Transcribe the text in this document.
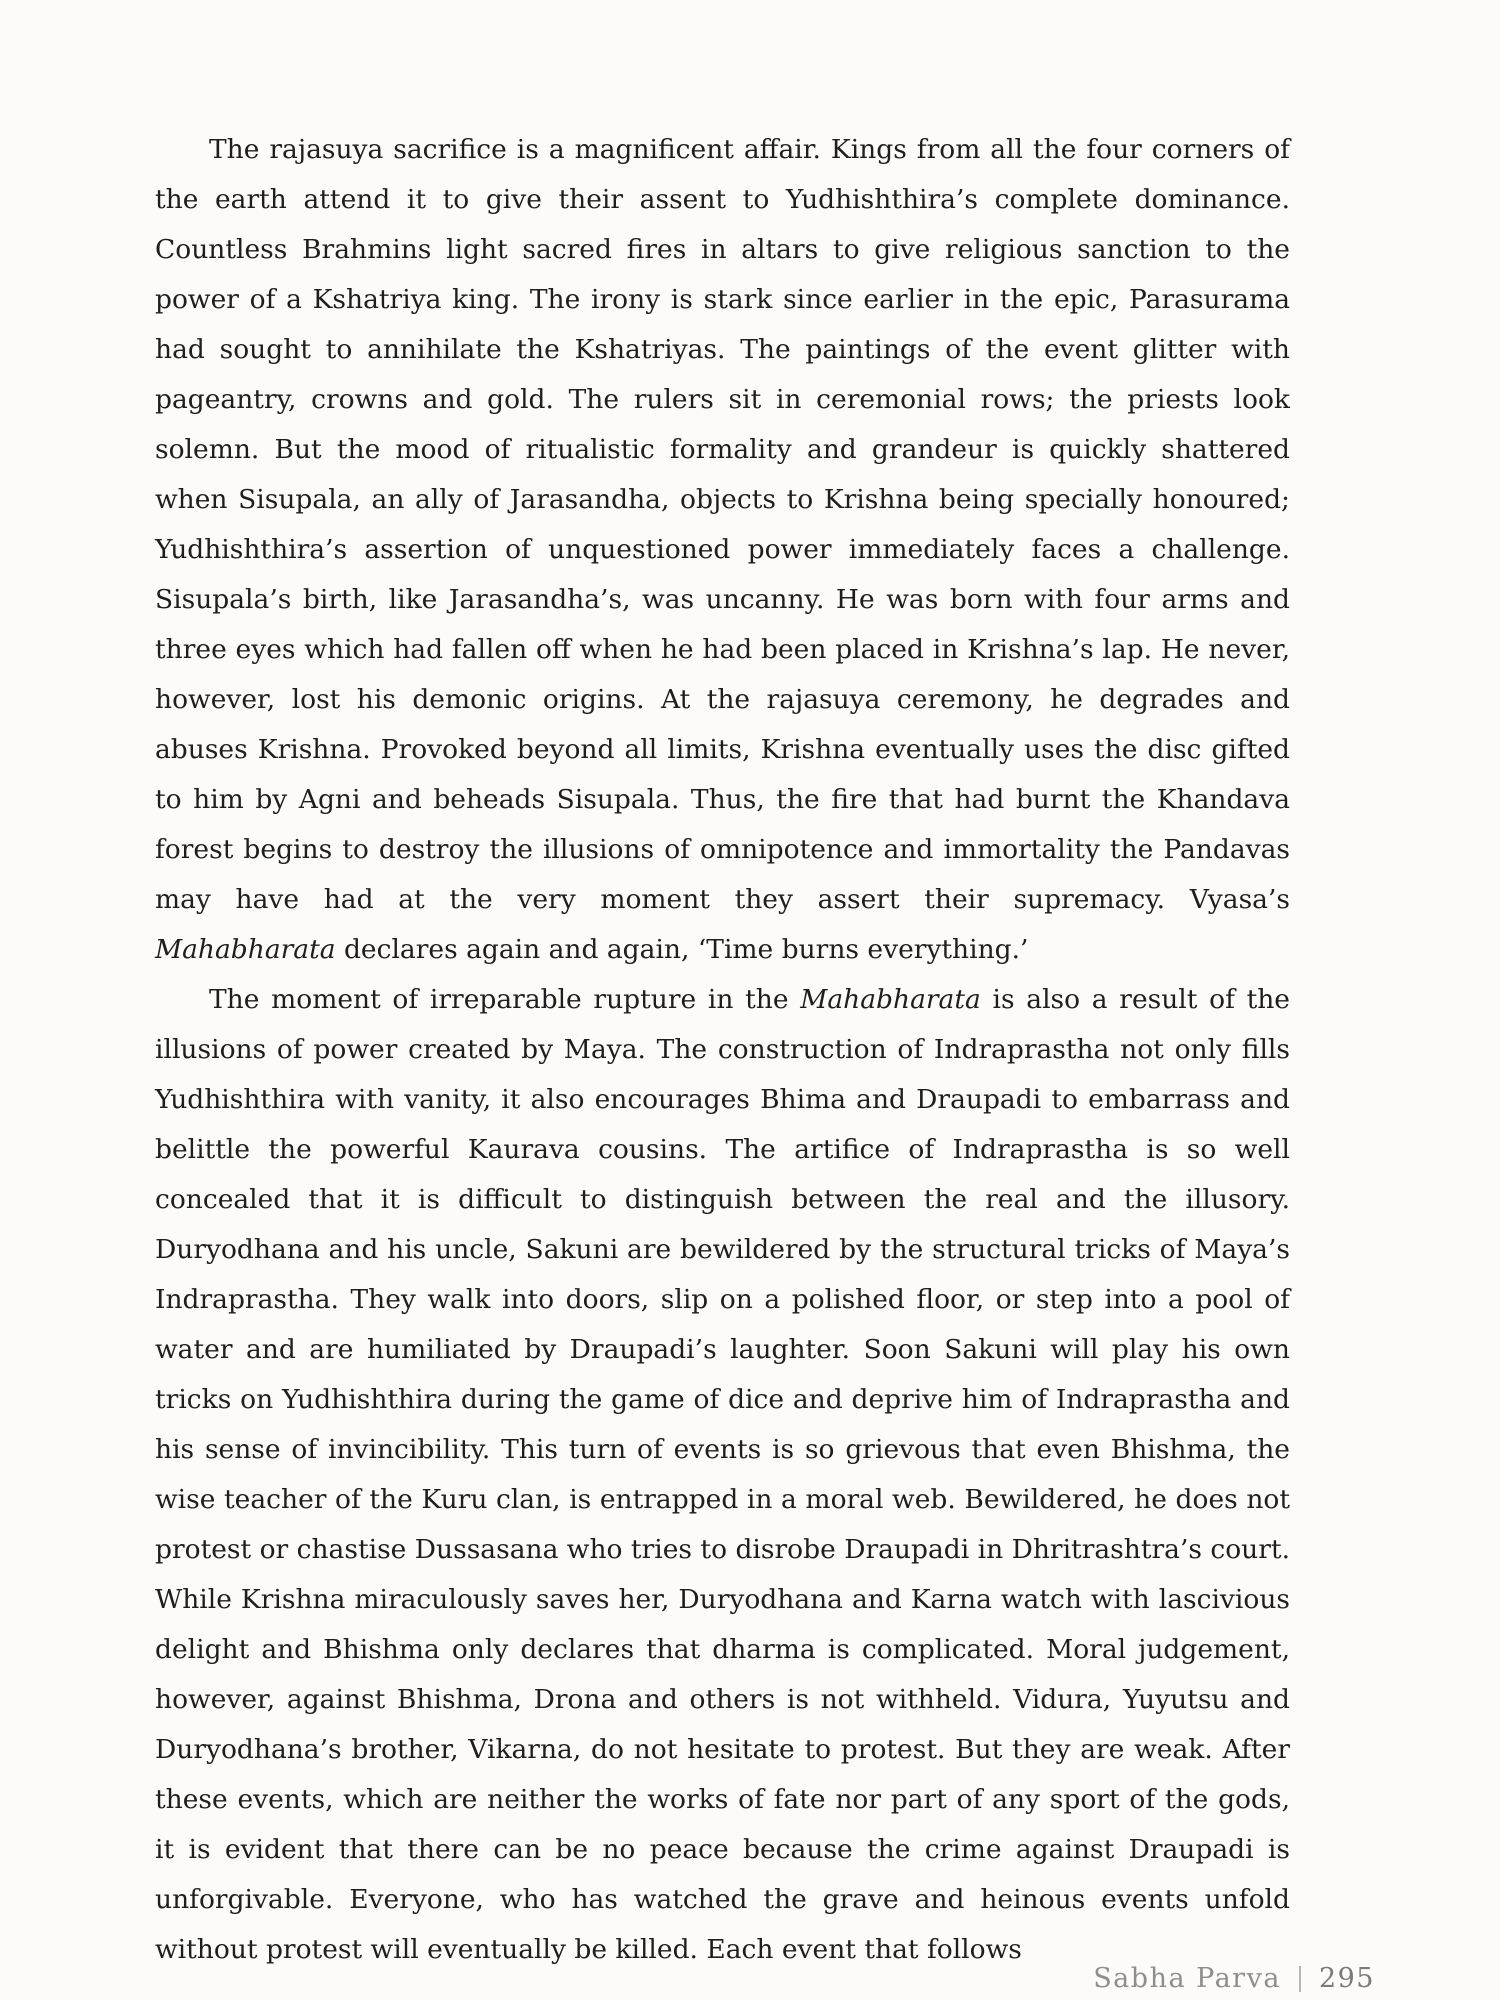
The rajasuya sacrifice is a magnificent affair. Kings from all the four corners of the earth attend it to give their assent to Yudhishthira’s complete dominance. Countless Brahmins light sacred fires in altars to give religious sanction to the power of a Kshatriya king. The irony is stark since earlier in the epic, Parasurama had sought to annihilate the Kshatriyas. The paintings of the event glitter with pageantry, crowns and gold. The rulers sit in ceremonial rows; the priests look solemn. But the mood of ritualistic formality and grandeur is quickly shattered when Sisupala, an ally of Jarasandha, objects to Krishna being specially honoured; Yudhishthira’s assertion of unquestioned power immediately faces a challenge. Sisupala’s birth, like Jarasandha’s, was uncanny. He was born with four arms and three eyes which had fallen off when he had been placed in Krishna’s lap. He never, however, lost his demonic origins. At the rajasuya ceremony, he degrades and abuses Krishna. Provoked beyond all limits, Krishna eventually uses the disc gifted to him by Agni and beheads Sisupala. Thus, the fire that had burnt the Khandava forest begins to destroy the illusions of omnipotence and immortality the Pandavas may have had at the very moment they assert their supremacy. Vyasa’s Mahabharata declares again and again, ‘Time burns everything.’

The moment of irreparable rupture in the Mahabharata is also a result of the illusions of power created by Maya. The construction of Indraprastha not only fills Yudhishthira with vanity, it also encourages Bhima and Draupadi to embarrass and belittle the powerful Kaurava cousins. The artifice of Indraprastha is so well concealed that it is difficult to distinguish between the real and the illusory. Duryodhana and his uncle, Sakuni are bewildered by the structural tricks of Maya’s Indraprastha. They walk into doors, slip on a polished floor, or step into a pool of water and are humiliated by Draupadi’s laughter. Soon Sakuni will play his own tricks on Yudhishthira during the game of dice and deprive him of Indraprastha and his sense of invincibility. This turn of events is so grievous that even Bhishma, the wise teacher of the Kuru clan, is entrapped in a moral web. Bewildered, he does not protest or chastise Dussasana who tries to disrobe Draupadi in Dhritrashtra’s court. While Krishna miraculously saves her, Duryodhana and Karna watch with lascivious delight and Bhishma only declares that dharma is complicated. Moral judgement, however, against Bhishma, Drona and others is not withheld. Vidura, Yuyutsu and Duryodhana’s brother, Vikarna, do not hesitate to protest. But they are weak. After these events, which are neither the works of fate nor part of any sport of the gods, it is evident that there can be no peace because the crime against Draupadi is unforgivable. Everyone, who has watched the grave and heinous events unfold without protest will eventually be killed. Each event that follows

Sabha Parva 295
